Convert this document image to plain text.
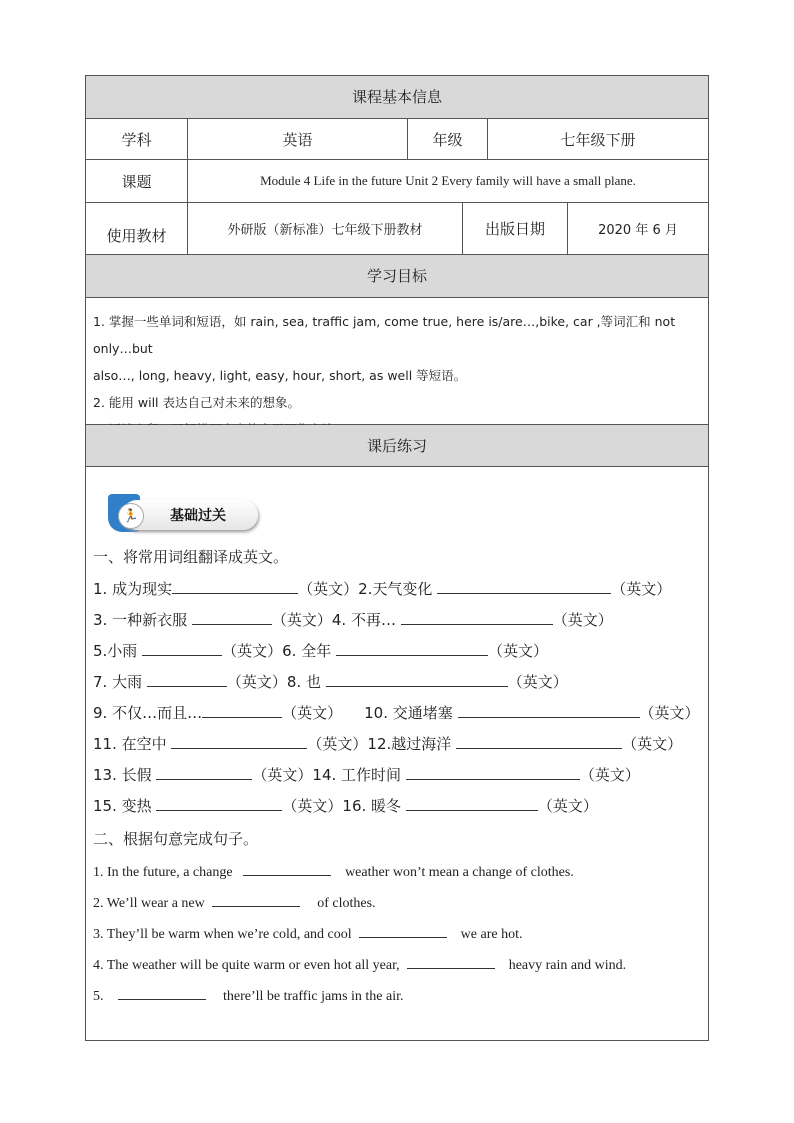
课程基本信息
学科	英语	年级	七年级下册
课题	Module 4 Life in the future Unit 2 Every family will have a small plane.
使用教材	外研版（新标准）七年级下册教材	出版日期	2020 年 6 月
学习目标
1. 掌握一些单词和短语，如 rain, sea, traffic jam, come true, here is/are…,bike, car ,等词汇和 not only…but
also…, long, heavy, light, easy, hour, short, as well 等短语。
2. 能用 will 表达自己对未来的想象。
课后练习
🏃	基础过关
一、将常用词组翻译成英文。
1. 成为现实	（英文）2.天气变化	（英文）
3. 一种新衣服	（英文）4. 不再…	（英文）
5.小雨	（英文）6. 全年	（英文）
7. 大雨	（英文）8. 也	（英文）
9. 不仅…而且…	（英文） 10. 交通堵塞	（英文）
11. 在空中	（英文）12.越过海洋	（英文）
13. 长假	（英文）14. 工作时间	（英文）
15. 变热	（英文）16. 暖冬	（英文）
二、根据句意完成句子。
1. In the future, a change	weather won’t mean a change of clothes.
2. We’ll wear a new	of clothes.
3. They’ll be warm when we’re cold, and cool	we are hot.
4. The weather will be quite warm or even hot all year,	heavy rain and wind.
5.	there’ll be traffic jams in the air.
